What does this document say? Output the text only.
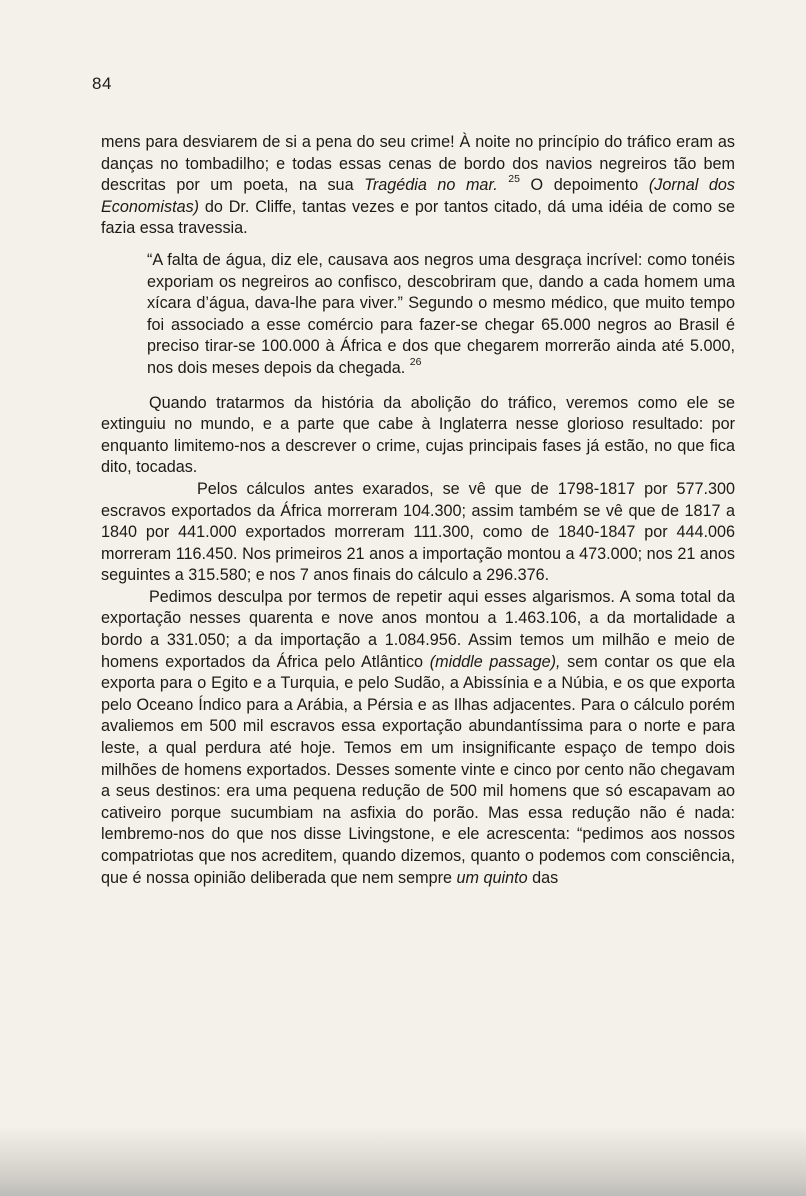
84

mens para desviarem de si a pena do seu crime! À noite no princípio do tráfico eram as danças no tombadilho; e todas essas cenas de bordo dos navios negreiros tão bem descritas por um poeta, na sua Tragédia no mar. $^{25}$ O depoimento (Jornal dos Economistas) do Dr. Cliffe, tantas vezes e por tantos citado, dá uma idéia de como se fazia essa travessia.

“A falta de água, diz ele, causava aos negros uma desgraça incrível: como tonéis exporiam os negreiros ao confisco, descobriram que, dando a cada homem uma xícara d’água, dava-lhe para viver.” Segundo o mesmo médico, que muito tempo foi associado a esse comércio para fazer-se chegar 65.000 negros ao Brasil é preciso tirar-se 100.000 à África e dos que chegarem morrerão ainda até 5.000, nos dois meses depois da chegada. $^{26}$

Quando tratarmos da história da abolição do tráfico, veremos como ele se extinguiu no mundo, e a parte que cabe à Inglaterra nesse glorioso resultado: por enquanto limitemo-nos a descrever o crime, cujas principais fases já estão, no que fica dito, tocadas.

Pelos cálculos antes exarados, se vê que de 1798-1817 por 577.300 escravos exportados da África morreram 104.300; assim também se vê que de 1817 a 1840 por 441.000 exportados morreram 111.300, como de 1840-1847 por 444.006 morreram 116.450. Nos primeiros 21 anos a importação montou a 473.000; nos 21 anos seguintes a 315.580; e nos 7 anos finais do cálculo a 296.376.

Pedimos desculpa por termos de repetir aqui esses algarismos. A soma total da exportação nesses quarenta e nove anos montou a 1.463.106, a da mortalidade a bordo a 331.050; a da importação a 1.084.956. Assim temos um milhão e meio de homens exportados da África pelo Atlântico (middle passage), sem contar os que ela exporta para o Egito e a Turquia, e pelo Sudão, a Abissínia e a Núbia, e os que exporta pelo Oceano Índico para a Arábia, a Pérsia e as Ilhas adjacentes. Para o cálculo porém avaliemos em 500 mil escravos essa exportação abundantíssima para o norte e para leste, a qual perdura até hoje. Temos em um insignificante espaço de tempo dois milhões de homens exportados. Desses somente vinte e cinco por cento não chegavam a seus destinos: era uma pequena redução de 500 mil homens que só escapavam ao cativeiro porque sucumbiam na asfixia do porão. Mas essa redução não é nada: lembremo-nos do que nos disse Livingstone, e ele acrescenta: “pedimos aos nossos compatriotas que nos acreditem, quando dizemos, quanto o podemos com consciência, que é nossa opinião deliberada que nem sempre um quinto das
